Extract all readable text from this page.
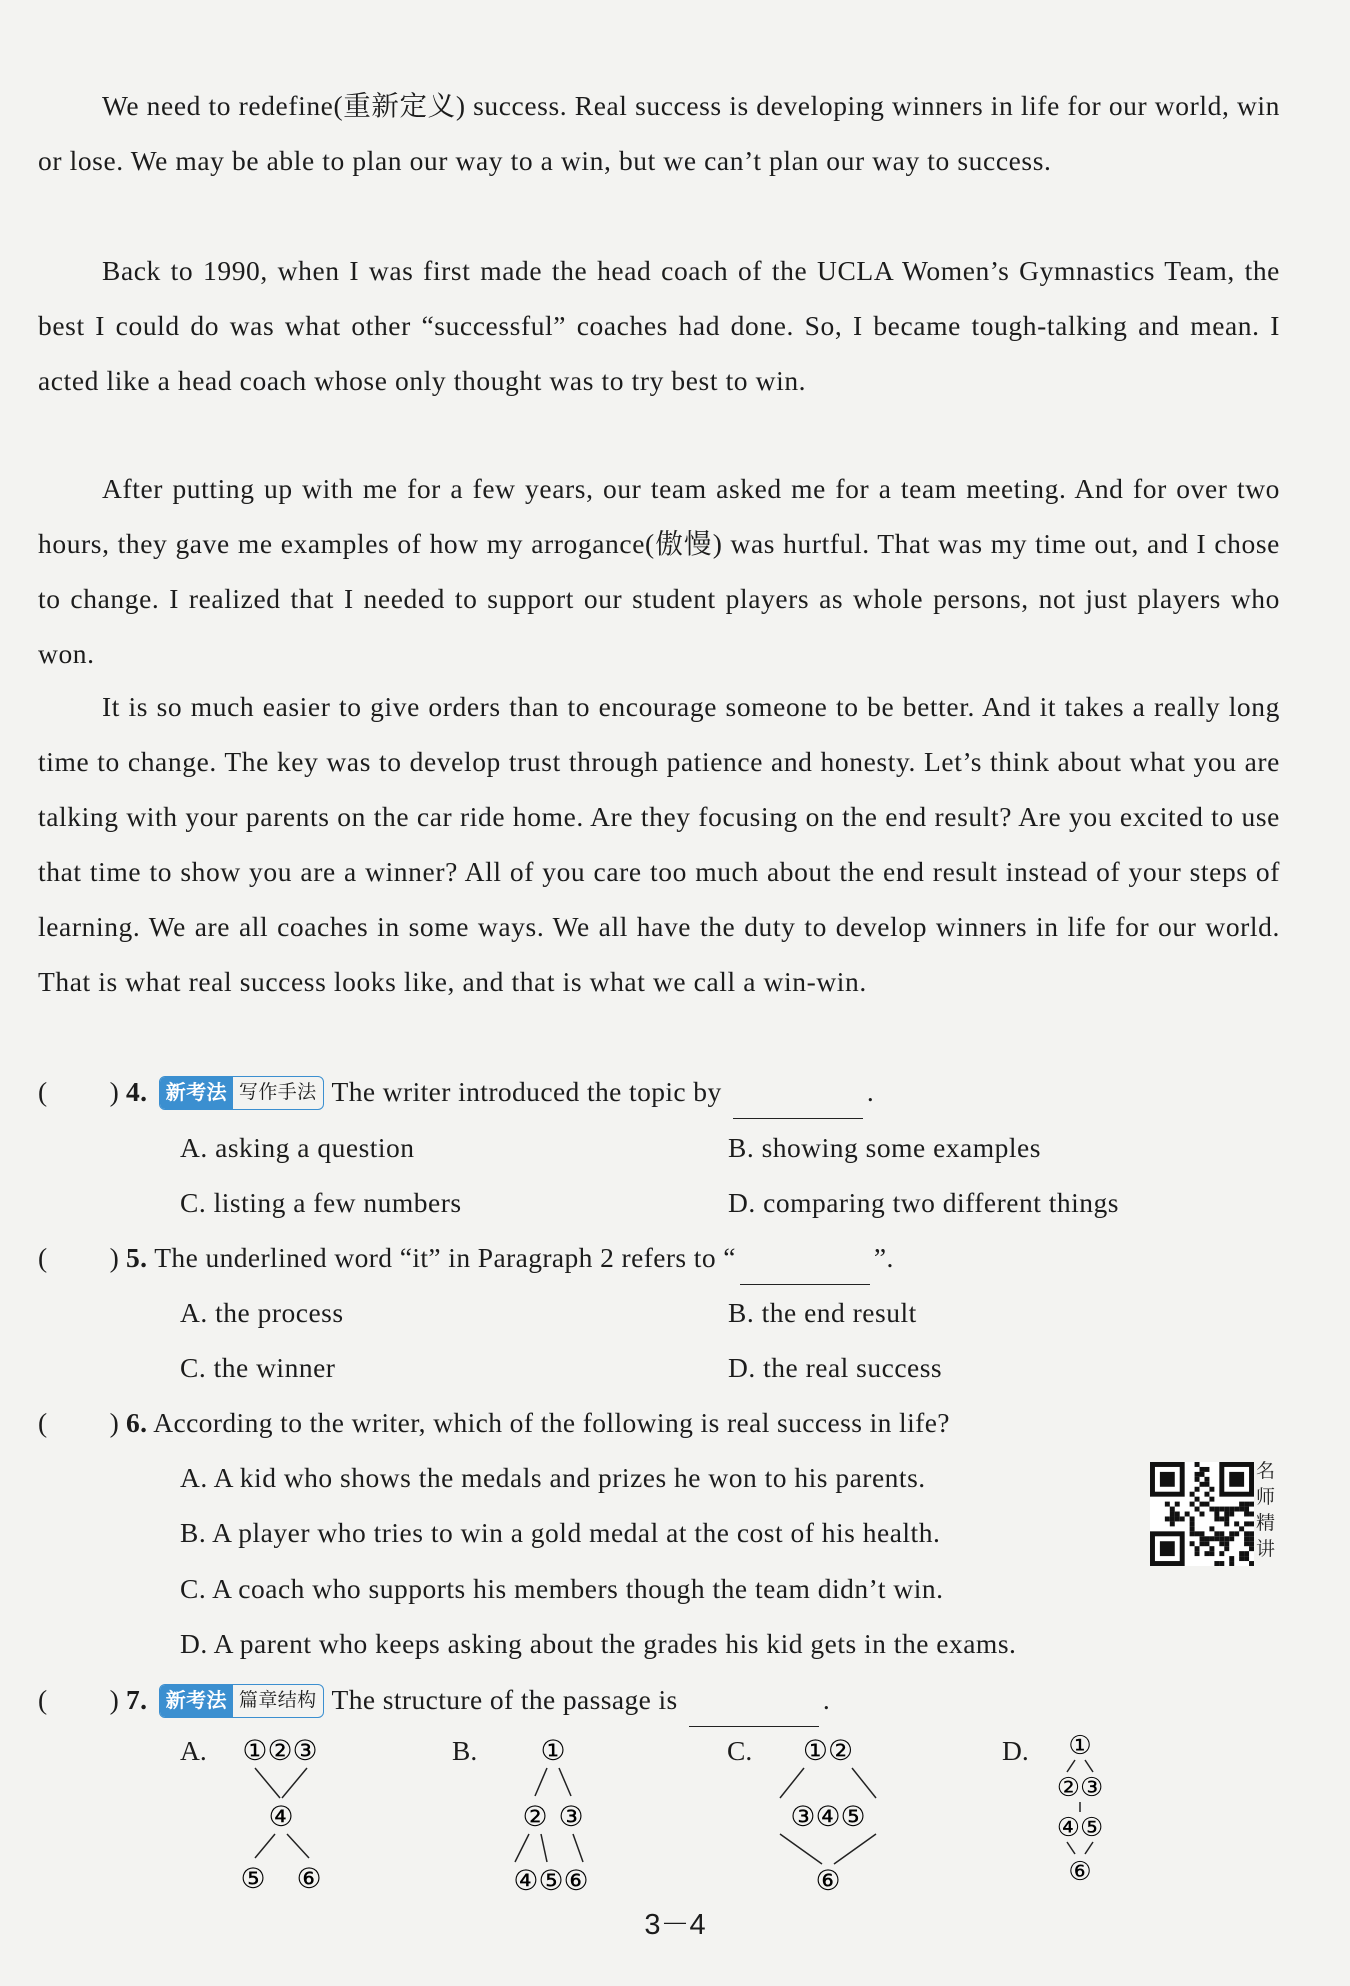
We need to redefine(重新定义) success. Real success is developing winners in life for our world, win or lose. We may be able to plan our way to a win, but we can’t plan our way to success.

Back to 1990, when I was first made the head coach of the UCLA Women’s Gymnastics Team, the best I could do was what other “successful” coaches had done. So, I became tough-talking and mean. I acted like a head coach whose only thought was to try best to win.

After putting up with me for a few years, our team asked me for a team meeting. And for over two hours, they gave me examples of how my arrogance(傲慢) was hurtful. That was my time out, and I chose to change. I realized that I needed to support our student players as whole persons, not just players who won.

It is so much easier to give orders than to encourage someone to be better. And it takes a really long time to change. The key was to develop trust through patience and honesty. Let’s think about what you are talking with your parents on the car ride home. Are they focusing on the end result? Are you excited to use that time to show you are a winner? All of you care too much about the end result instead of your steps of learning. We are all coaches in some ways. We all have the duty to develop winners in life for our world. That is what real success looks like, and that is what we call a win-win.

( ) 4. 新考法 写作手法 The writer introduced the topic by	.
A. asking a question	B. showing some examples
C. listing a few numbers	D. comparing two different things
( ) 5. The underlined word “it” in Paragraph 2 refers to “	”.
A. the process	B. the end result
C. the winner	D. the real success
( ) 6. According to the writer, which of the following is real success in life?
A. A kid who shows the medals and prizes he won to his parents.
B. A player who tries to win a gold medal at the cost of his health.
C. A coach who supports his members though the team didn’t win.
D. A parent who keeps asking about the grades his kid gets in the exams.
名
师
精
讲
( ) 7. 新考法 篇章结构 The structure of the passage is	.
A. ①②③
④
⑤ ⑥
B. ①
② ③
④⑤⑥
C. ①②
③④⑤
⑥
D. ①
②③
④⑤
⑥
3－4
